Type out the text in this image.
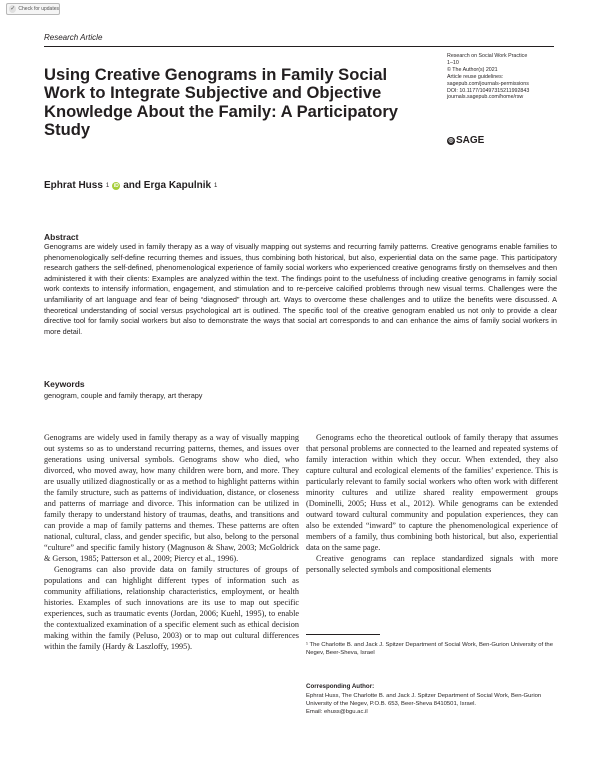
✓ Check for updates
Research Article
Research on Social Work Practice
1–10
© The Author(s) 2021
Article reuse guidelines:
sagepub.com/journals-permissions
DOI: 10.1177/10497315211992843
journals.sagepub.com/home/rsw
◎ SAGE
Using Creative Genograms in Family Social Work to Integrate Subjective and Objective Knowledge About the Family: A Participatory Study
Ephrat Huss 1 iD and Erga Kapulnik 1
Abstract
Genograms are widely used in family therapy as a way of visually mapping out systems and recurring family patterns. Creative genograms enable families to phenomenologically self-define recurring themes and issues, thus combining both historical, but also, experiential data on the same page. This participatory research gathers the self-defined, phenomenological experience of family social workers who experienced creative genograms firstly on themselves and then administered it with their clients: Examples are analyzed within the text. The findings point to the usefulness of including creative genograms in family social work contexts to intensify information, engagement, and stimulation and to re-perceive calcified problems through new visual terms. Challenges were the unfamiliarity of art language and fear of being “diagnosed” through art. Ways to overcome these challenges and to utilize the benefits were discussed. A theoretical understanding of social versus psychological art is outlined. The specific tool of the creative genogram enabled us not only to provide a clear directive tool for family social workers but also to demonstrate the ways that social art corresponds to and can enhance the aims of family social workers in more detail.
Keywords
genogram, couple and family therapy, art therapy

Genograms are widely used in family therapy as a way of visually mapping out systems so as to understand recurring patterns, themes, and issues over generations using universal symbols. Genograms show who died, who divorced, who moved away, how many children were born, and more. They are usually utilized diagnostically or as a method to highlight patterns within the family structure, such as patterns of individuation, distance, or closeness and patterns of marriage and divorce. This information can be utilized in family therapy to understand history of traumas, deaths, and transitions and can provide a map of family patterns and themes. These patterns are often national, cultural, class, and gender specific, but also, belong to the personal “culture” and specific family history (Magnuson & Shaw, 2003; McGoldrick & Gerson, 1985; Patterson et al., 2009; Piercy et al., 1996).

Genograms can also provide data on family structures of groups of populations and can highlight different types of information such as community affiliations, relationship characteristics, employment, or health histories. Examples of such innovations are its use to map out specific experiences, such as traumatic events (Jordan, 2006; Kuehl, 1995), to enable the contextualized examination of a specific element such as ethical decision making within the family (Peluso, 2003) or to map out cultural differences within the family (Hardy & Laszloffy, 1995).

Genograms echo the theoretical outlook of family therapy that assumes that personal problems are connected to the learned and repeated systems of family interaction within which they occur. When extended, they also capture cultural and ecological elements of the families’ experience. This is particularly relevant to family social workers who often work with different minority cultures and utilize shared reality empowerment groups (Dominelli, 2005; Huss et al., 2012). While genograms can be extended outward toward cultural community and population experiences, they can also be extended “inward” to capture the phenomenological experience of members of a family, thus combining both historical, but also, experiential data on the same page.

Creative genograms can replace standardized signals with more personally selected symbols and compositional elements

¹ The Charlotte B. and Jack J. Spitzer Department of Social Work, Ben-Gurion University of the Negev, Beer-Sheva, Israel
Corresponding Author:
Ephrat Huss, The Charlotte B. and Jack J. Spitzer Department of Social Work, Ben-Gurion University of the Negev, P.O.B. 653, Beer-Sheva 8410501, Israel.
Email: ehuss@bgu.ac.il
